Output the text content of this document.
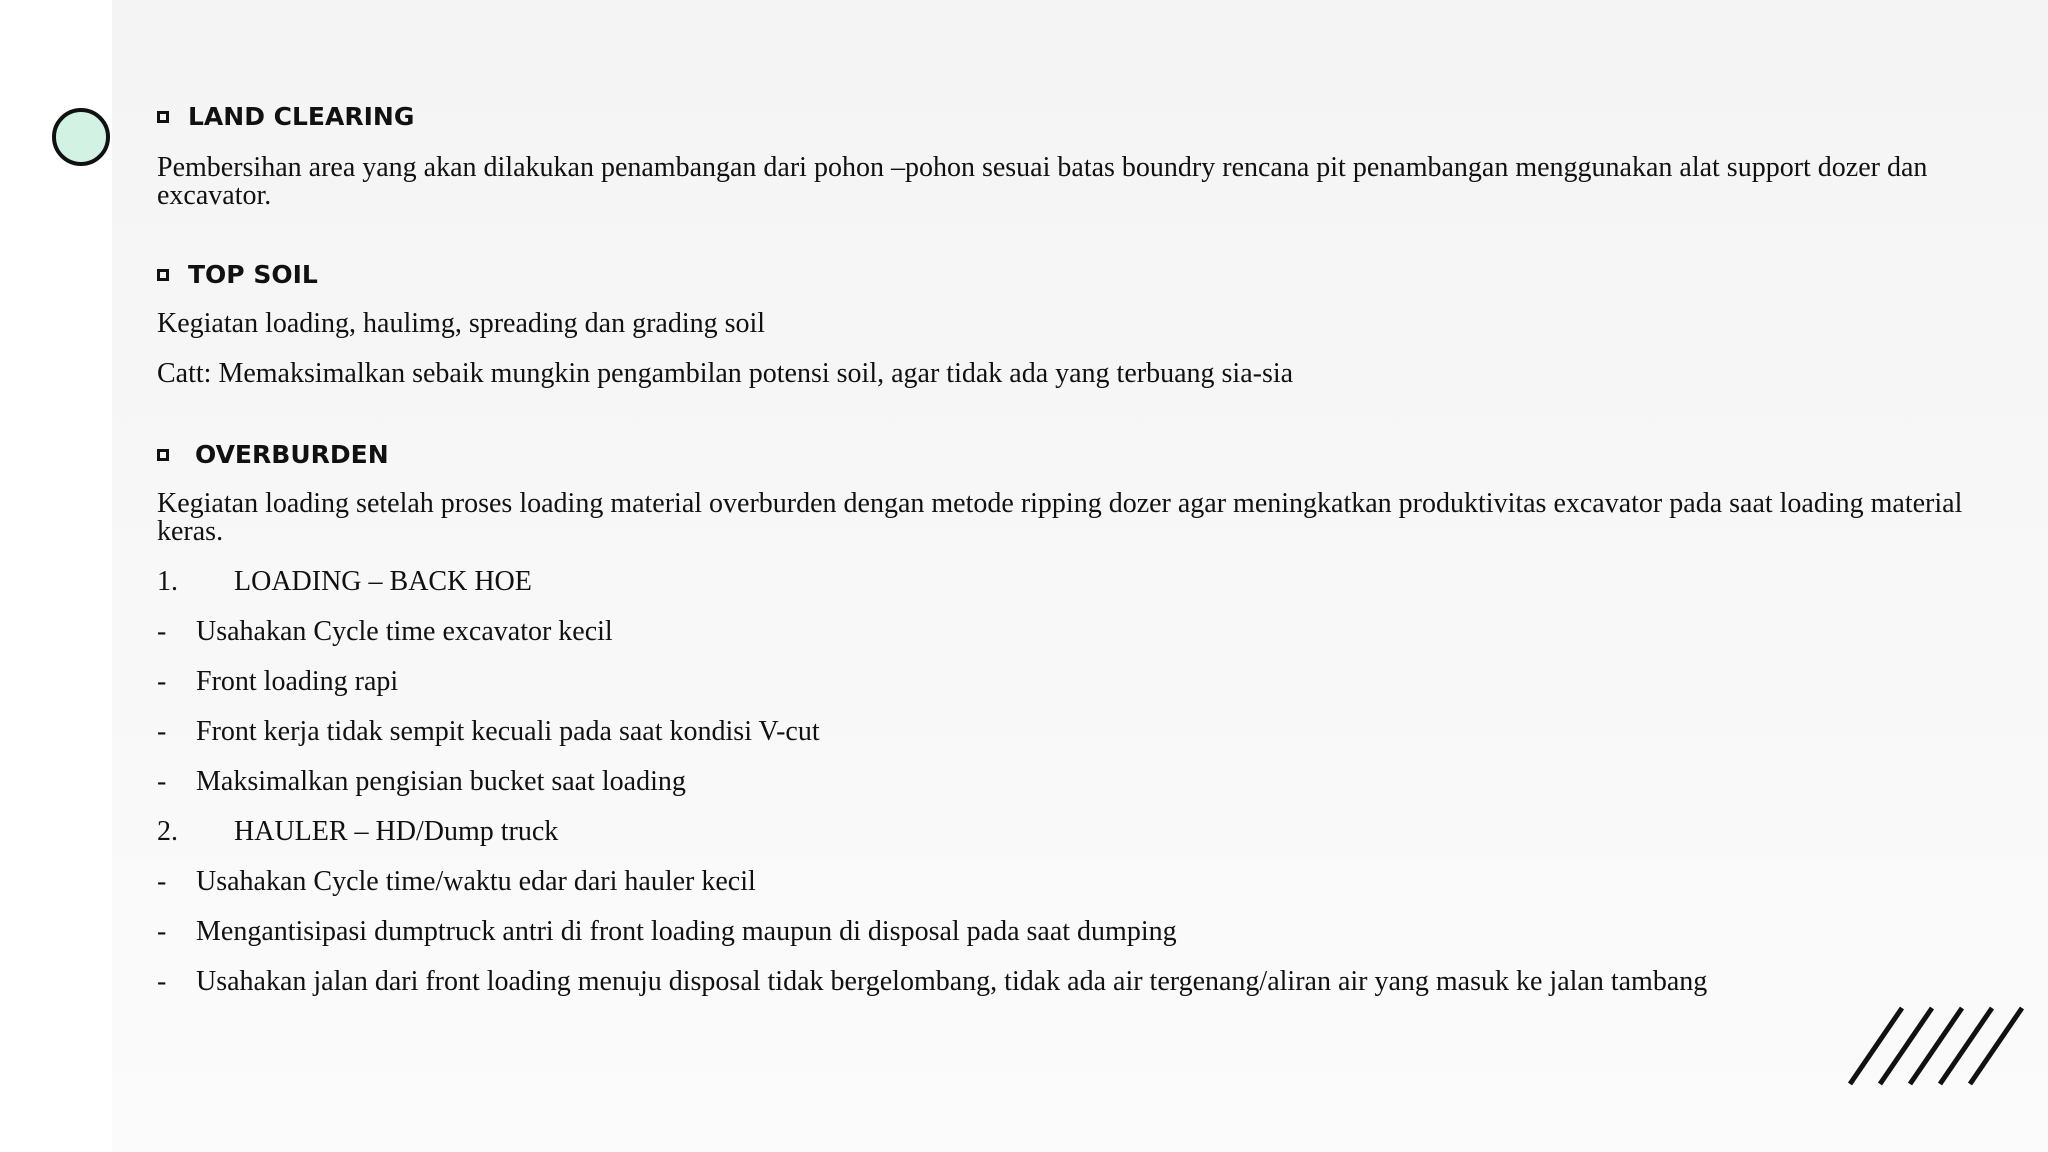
LAND CLEARING
Pembersihan area yang akan dilakukan penambangan dari pohon –pohon sesuai batas boundry rencana pit penambangan menggunakan alat support dozer dan excavator.
TOP SOIL
Kegiatan loading, haulimg, spreading dan grading soil
Catt: Memaksimalkan sebaik mungkin pengambilan potensi soil, agar tidak ada yang terbuang sia-sia
OVERBURDEN
Kegiatan loading setelah proses loading material overburden dengan metode ripping dozer agar meningkatkan produktivitas excavator pada saat loading material keras.
1. LOADING – BACK HOE
- Usahakan Cycle time excavator kecil
- Front loading rapi
- Front kerja tidak sempit kecuali pada saat kondisi V-cut
- Maksimalkan pengisian bucket saat loading
2. HAULER – HD/Dump truck
- Usahakan Cycle time/waktu edar dari hauler kecil
- Mengantisipasi dumptruck antri di front loading maupun di disposal pada saat dumping
- Usahakan jalan dari front loading menuju disposal tidak bergelombang, tidak ada air tergenang/aliran air yang masuk ke jalan tambang
